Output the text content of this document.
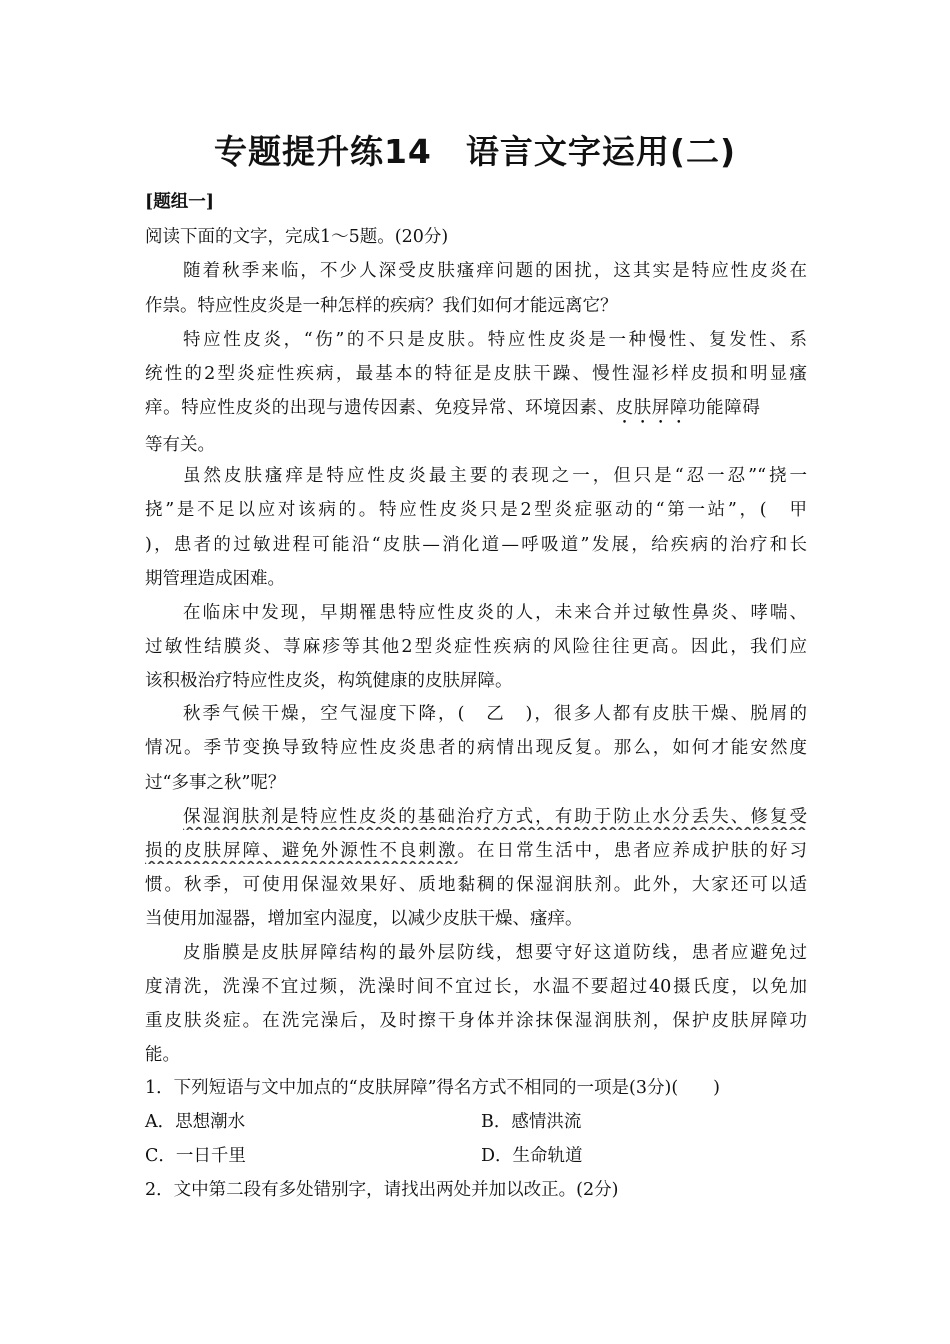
专题提升练14　语言文字运用(二)
[题组一]
阅读下面的文字，完成1～5题。(20分)
随着秋季来临，不少人深受皮肤瘙痒问题的困扰，这其实是特应性皮炎在
作祟。特应性皮炎是一种怎样的疾病？我们如何才能远离它？
特应性皮炎，“伤”的不只是皮肤。特应性皮炎是一种慢性、复发性、系
统性的2型炎症性疾病，最基本的特征是皮肤干躁、慢性湿衫样皮损和明显瘙
痒。特应性皮炎的出现与遗传因素、免疫异常、环境因素、皮肤屏障功能障碍
等有关。
虽然皮肤瘙痒是特应性皮炎最主要的表现之一，但只是“忍一忍”“挠一
挠”是不足以应对该病的。特应性皮炎只是2型炎症驱动的“第一站”，(　甲
)，患者的过敏进程可能沿“皮肤—消化道—呼吸道”发展，给疾病的治疗和长
期管理造成困难。
在临床中发现，早期罹患特应性皮炎的人，未来合并过敏性鼻炎、哮喘、
过敏性结膜炎、荨麻疹等其他2型炎症性疾病的风险往往更高。因此，我们应
该积极治疗特应性皮炎，构筑健康的皮肤屏障。
秋季气候干燥，空气湿度下降，(　乙　)，很多人都有皮肤干燥、脱屑的
情况。季节变换导致特应性皮炎患者的病情出现反复。那么，如何才能安然度
过“多事之秋”呢？
保湿润肤剂是特应性皮炎的基础治疗方式，有助于防止水分丢失、修复受
损的皮肤屏障、避免外源性不良刺激。在日常生活中，患者应养成护肤的好习
惯。秋季，可使用保湿效果好、质地黏稠的保湿润肤剂。此外，大家还可以适
当使用加湿器，增加室内湿度，以减少皮肤干燥、瘙痒。
皮脂膜是皮肤屏障结构的最外层防线，想要守好这道防线，患者应避免过
度清洗，洗澡不宜过频，洗澡时间不宜过长，水温不要超过40摄氏度，以免加
重皮肤炎症。在洗完澡后，及时擦干身体并涂抹保湿润肤剂，保护皮肤屏障功
能。
1．下列短语与文中加点的“皮肤屏障”得名方式不相同的一项是(3分)(　　)
A．思想潮水	B．感情洪流
C．一日千里	D．生命轨道
2．文中第二段有多处错别字，请找出两处并加以改正。(2分)
